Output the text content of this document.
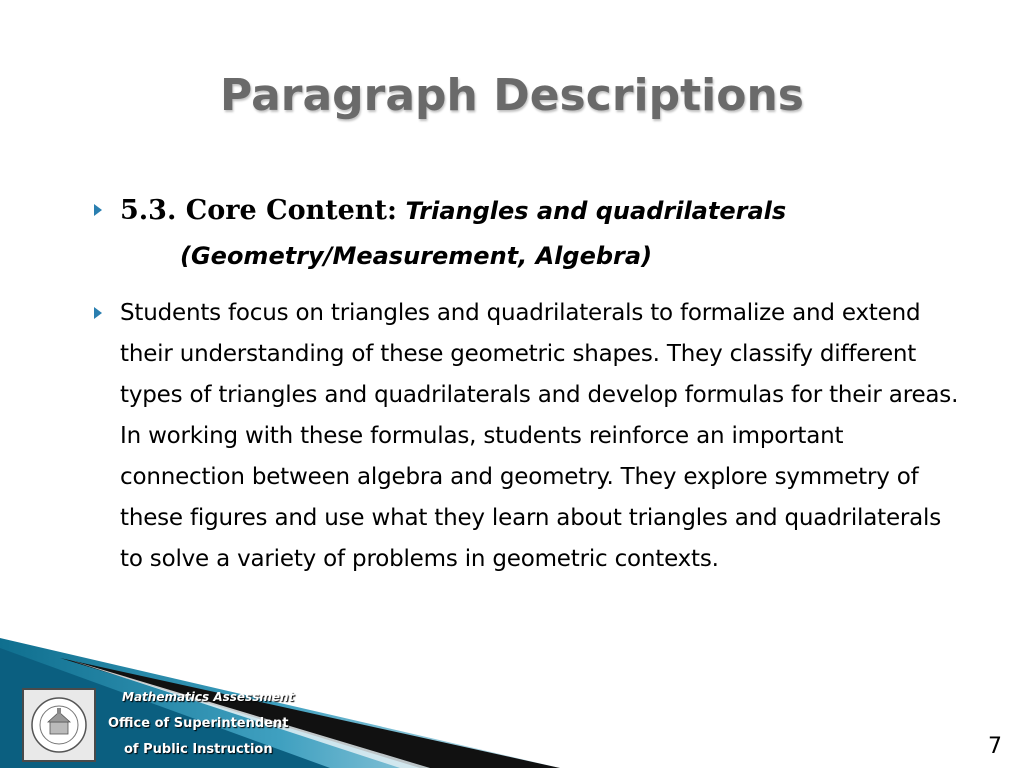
Paragraph Descriptions
5.3. Core Content: Triangles and quadrilaterals
(Geometry/Measurement, Algebra)
Students focus on triangles and quadrilaterals to formalize and extend their understanding of these geometric shapes. They classify different types of triangles and quadrilaterals and develop formulas for their areas. In working with these formulas, students reinforce an important connection between algebra and geometry. They explore symmetry of these figures and use what they learn about triangles and quadrilaterals to solve a variety of problems in geometric contexts.
Mathematics Assessment
Office of Superintendent
of Public Instruction	7
